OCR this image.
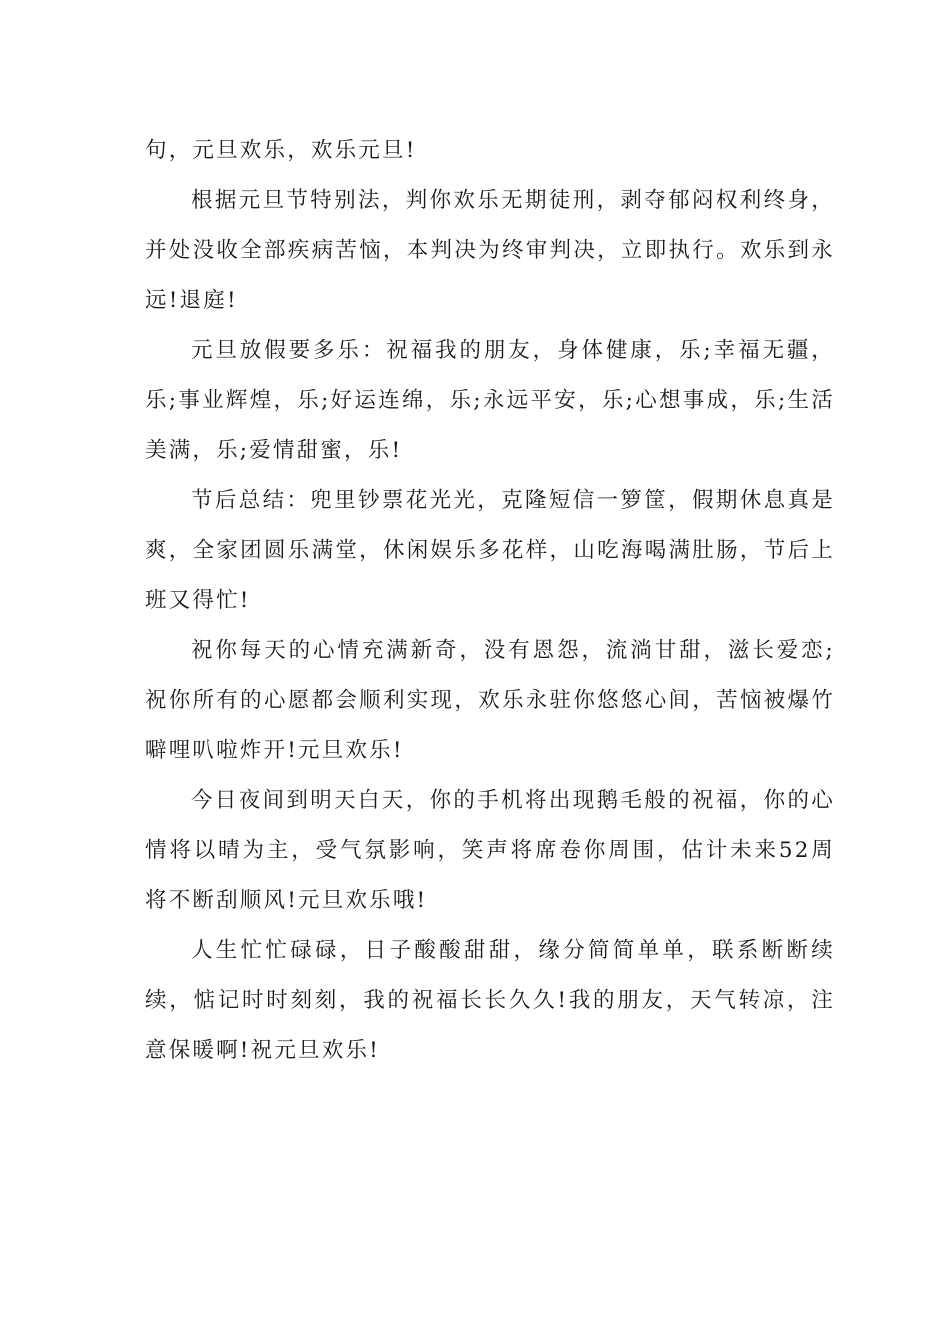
句，元旦欢乐，欢乐元旦!

根据元旦节特别法，判你欢乐无期徒刑，剥夺郁闷权利终身，并处没收全部疾病苦恼，本判决为终审判决，立即执行。欢乐到永远!退庭!

元旦放假要多乐：祝福我的朋友，身体健康，乐;幸福无疆，乐;事业辉煌，乐;好运连绵，乐;永远平安，乐;心想事成，乐;生活美满，乐;爱情甜蜜，乐!

节后总结：兜里钞票花光光，克隆短信一箩筐，假期休息真是爽，全家团圆乐满堂，休闲娱乐多花样，山吃海喝满肚肠，节后上班又得忙!

祝你每天的心情充满新奇，没有恩怨，流淌甘甜，滋长爱恋;祝你所有的心愿都会顺利实现，欢乐永驻你悠悠心间，苦恼被爆竹噼哩叭啦炸开!元旦欢乐!

今日夜间到明天白天，你的手机将出现鹅毛般的祝福，你的心情将以晴为主，受气氛影响，笑声将席卷你周围，估计未来52周将不断刮顺风!元旦欢乐哦!

人生忙忙碌碌，日子酸酸甜甜，缘分简简单单，联系断断续续，惦记时时刻刻，我的祝福长长久久!我的朋友，天气转凉，注意保暖啊!祝元旦欢乐!
